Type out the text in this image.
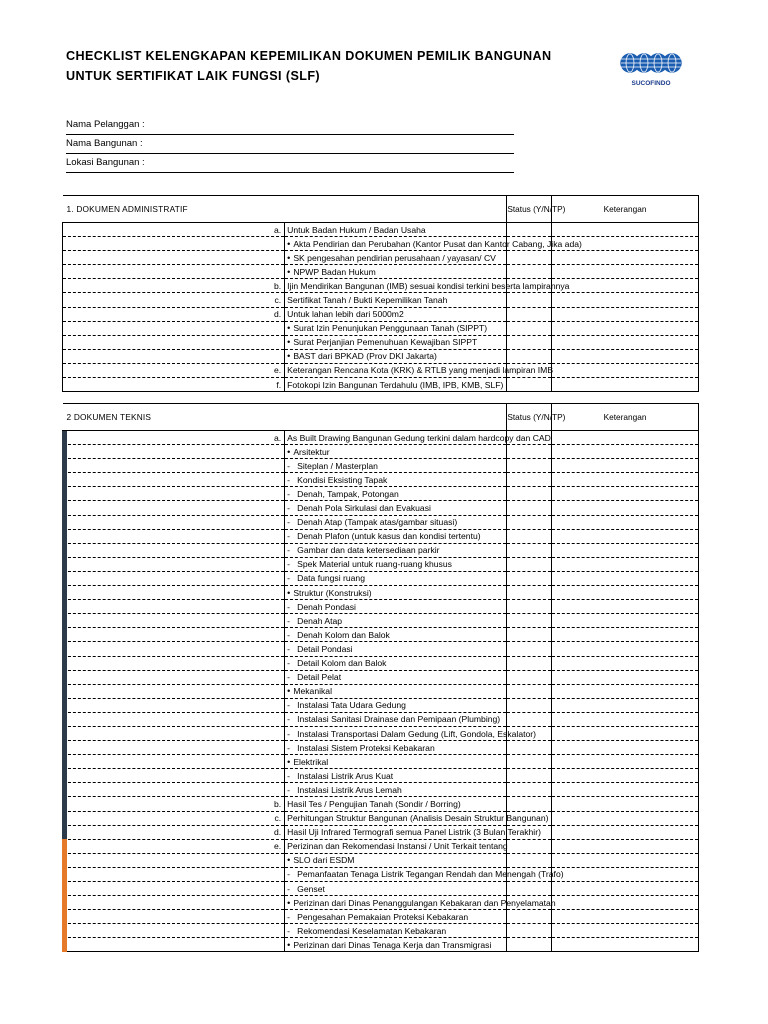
CHECKLIST KELENGKAPAN KEPEMILIKAN DOKUMEN PEMILIK BANGUNAN
UNTUK SERTIFIKAT LAIK FUNGSI (SLF)
SUCOFINDO
Nama Pelanggan :
Nama Bangunan :
Lokasi Bangunan :
1. DOKUMEN ADMINISTRATIF		Status (Y/N/TP)	Keterangan
a.	Untuk Badan Hukum / Badan Usaha		
	• Akta Pendirian dan Perubahan (Kantor Pusat dan Kantor Cabang, Jika ada)		
	• SK pengesahan pendirian perusahaan / yayasan/ CV		
	• NPWP Badan Hukum		
b.	Ijin Mendirikan Bangunan (IMB) sesuai kondisi terkini beserta lampirannya		
c.	Sertifikat Tanah / Bukti Kepemilikan Tanah		
d.	Untuk lahan lebih dari 5000m2		
	• Surat Izin Penunjukan Penggunaan Tanah (SIPPT)		
	• Surat Perjanjian Pemenuhuan Kewajiban SIPPT		
	• BAST dari BPKAD (Prov DKI Jakarta)		
e.	Keterangan Rencana Kota (KRK) & RTLB yang menjadi lampiran IMB		
f.	Fotokopi Izin Bangunan Terdahulu (IMB, IPB, KMB, SLF)		
2 DOKUMEN TEKNIS		Status (Y/N/TP)	Keterangan
a.	As Built Drawing Bangunan Gedung terkini dalam hardcopy dan CAD		
	• Arsitektur		
	- Siteplan / Masterplan		
	- Kondisi Eksisting Tapak		
	- Denah, Tampak, Potongan		
	- Denah Pola Sirkulasi dan Evakuasi		
	- Denah Atap (Tampak atas/gambar situasi)		
	- Denah Plafon (untuk kasus dan kondisi tertentu)		
	- Gambar dan data ketersediaan parkir		
	- Spek Material untuk ruang-ruang khusus		
	- Data fungsi ruang		
	• Struktur (Konstruksi)		
	- Denah Pondasi		
	- Denah Atap		
	- Denah Kolom dan Balok		
	- Detail Pondasi		
	- Detail Kolom dan Balok		
	- Detail Pelat		
	• Mekanikal		
	- Instalasi Tata Udara Gedung		
	- Instalasi Sanitasi Drainase dan Pemipaan (Plumbing)		
	- Instalasi Transportasi Dalam Gedung (Lift, Gondola, Eskalator)		
	- Instalasi Sistem Proteksi Kebakaran		
	• Elektrikal		
	- Instalasi Listrik Arus Kuat		
	- Instalasi Listrik Arus Lemah		
b.	Hasil Tes / Pengujian Tanah (Sondir / Borring)		
c.	Perhitungan Struktur Bangunan (Analisis Desain Struktur Bangunan)		
d.	Hasil Uji Infrared Termografi semua Panel Listrik (3 Bulan Terakhir)		
e.	Perizinan dan Rekomendasi Instansi / Unit Terkait tentang		
	• SLO dari ESDM		
	- Pemanfaatan Tenaga Listrik Tegangan Rendah dan Menengah (Trafo)		
	- Genset		
	• Perizinan dari Dinas Penanggulangan Kebakaran dan Penyelamatan		
	- Pengesahan Pemakaian Proteksi Kebakaran		
	- Rekomendasi Keselamatan Kebakaran		
	• Perizinan dari Dinas Tenaga Kerja dan Transmigrasi		
